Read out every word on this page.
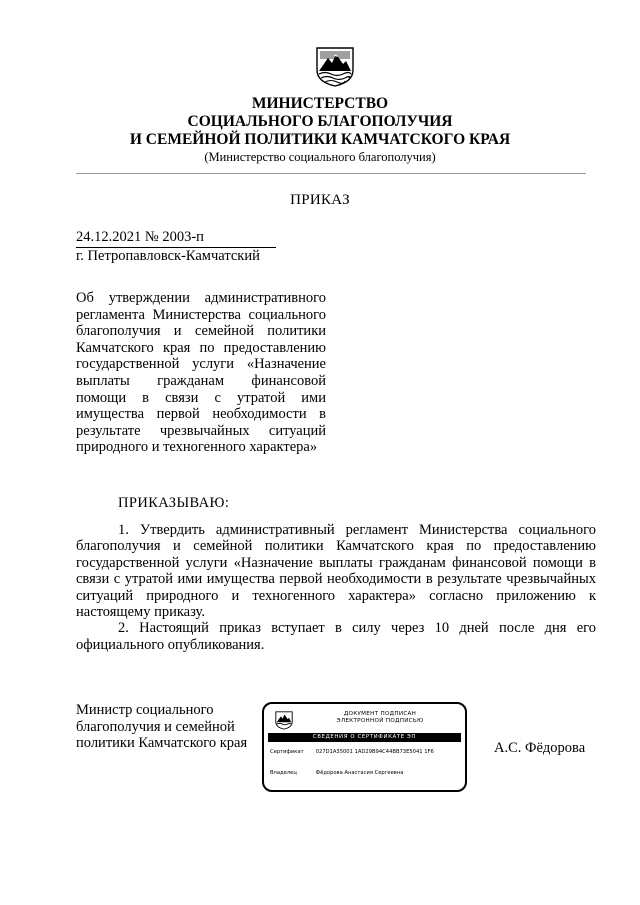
МИНИСТЕРСТВО
СОЦИАЛЬНОГО БЛАГОПОЛУЧИЯ
И СЕМЕЙНОЙ ПОЛИТИКИ КАМЧАТСКОГО КРАЯ
(Министерство социального благополучия)
ПРИКАЗ
24.12.2021 № 2003-п
г. Петропавловск-Камчатский
Об утверждении административного регламента Министерства социального благополучия и семейной политики Камчатского края по предоставлению государственной услуги «Назначение выплаты гражданам финансовой помощи в связи с утратой ими имущества первой необходимости в результате чрезвычайных ситуаций природного и техногенного характера»
ПРИКАЗЫВАЮ:

1. Утвердить административный регламент Министерства социального благополучия и семейной политики Камчатского края по предоставлению государственной услуги «Назначение выплаты гражданам финансовой помощи в связи с утратой ими имущества первой необходимости в результате чрезвычайных ситуаций природного и техногенного характера» согласно приложению к настоящему приказу.

2. Настоящий приказ вступает в силу через 10 дней после дня его официального опубликования.

Министр социального благополучия и семейной политики Камчатского края	А.С. Фёдорова
ДОКУМЕНТ ПОДПИСАН
ЭЛЕКТРОННОЙ ПОДПИСЬЮ
СВЕДЕНИЯ О СЕРТИФИКАТЕ ЭП
Сертификат 027D1A35001 1AD29B94C44BB73E5041 1F6
Владелец	Фёдорова Анастасия Сергеевна
